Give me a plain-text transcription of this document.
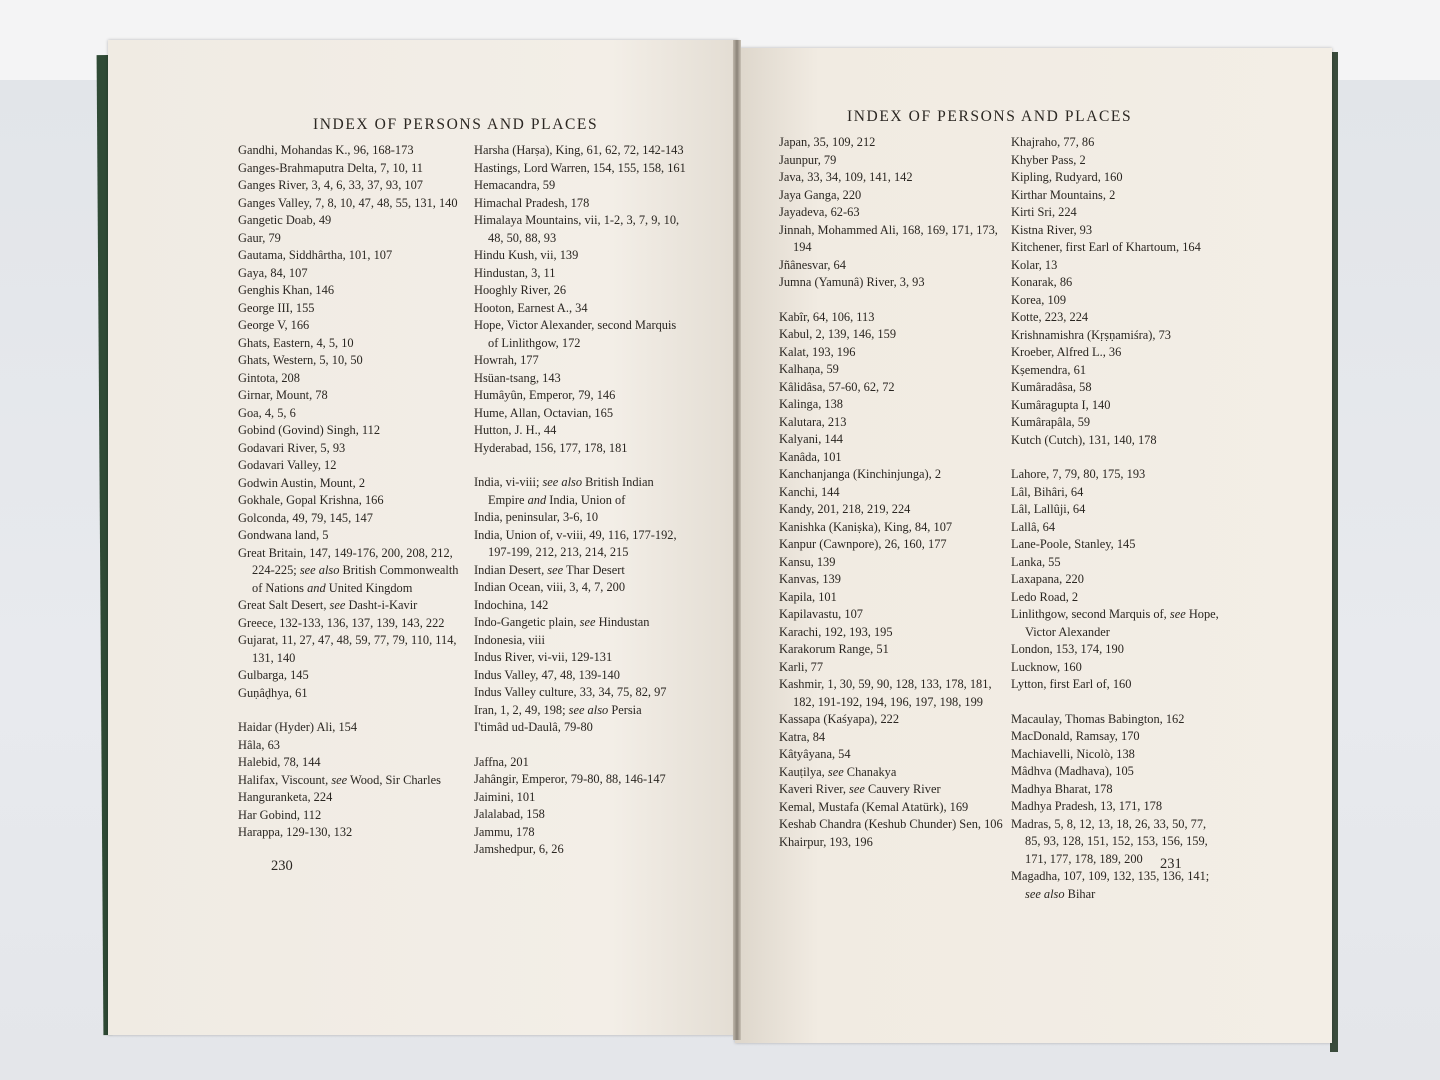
INDEX OF PERSONS AND PLACES
Gandhi, Mohandas K., 96, 168-173
Ganges-Brahmaputra Delta, 7, 10, 11
Ganges River, 3, 4, 6, 33, 37, 93, 107
Ganges Valley, 7, 8, 10, 47, 48, 55, 131, 140
Gangetic Doab, 49
Gaur, 79
Gautama, Siddhârtha, 101, 107
Gaya, 84, 107
Genghis Khan, 146
George III, 155
George V, 166
Ghats, Eastern, 4, 5, 10
Ghats, Western, 5, 10, 50
Gintota, 208
Girnar, Mount, 78
Goa, 4, 5, 6
Gobind (Govind) Singh, 112
Godavari River, 5, 93
Godavari Valley, 12
Godwin Austin, Mount, 2
Gokhale, Gopal Krishna, 166
Golconda, 49, 79, 145, 147
Gondwana land, 5
Great Britain, 147, 149-176, 200, 208, 212, 224-225; see also British Commonwealth of Nations and United Kingdom
Great Salt Desert, see Dasht-i-Kavir
Greece, 132-133, 136, 137, 139, 143, 222
Gujarat, 11, 27, 47, 48, 59, 77, 79, 110, 114, 131, 140
Gulbarga, 145
Guṇâḍhya, 61
Haidar (Hyder) Ali, 154
Hâla, 63
Halebid, 78, 144
Halifax, Viscount, see Wood, Sir Charles
Hanguranketa, 224
Har Gobind, 112
Harappa, 129-130, 132
Harsha (Harṣa), King, 61, 62, 72, 142-143
Hastings, Lord Warren, 154, 155, 158, 161
Hemacandra, 59
Himachal Pradesh, 178
Himalaya Mountains, vii, 1-2, 3, 7, 9, 10, 48, 50, 88, 93
Hindu Kush, vii, 139
Hindustan, 3, 11
Hooghly River, 26
Hooton, Earnest A., 34
Hope, Victor Alexander, second Marquis of Linlithgow, 172
Howrah, 177
Hsüan-tsang, 143
Humâyûn, Emperor, 79, 146
Hume, Allan, Octavian, 165
Hutton, J. H., 44
Hyderabad, 156, 177, 178, 181
India, vi-viii; see also British Indian Empire and India, Union of
India, peninsular, 3-6, 10
India, Union of, v-viii, 49, 116, 177-192, 197-199, 212, 213, 214, 215
Indian Desert, see Thar Desert
Indian Ocean, viii, 3, 4, 7, 200
Indochina, 142
Indo-Gangetic plain, see Hindustan
Indonesia, viii
Indus River, vi-vii, 129-131
Indus Valley, 47, 48, 139-140
Indus Valley culture, 33, 34, 75, 82, 97
Iran, 1, 2, 49, 198; see also Persia
I'timâd ud-Daulâ, 79-80
Jaffna, 201
Jahângir, Emperor, 79-80, 88, 146-147
Jaimini, 101
Jalalabad, 158
Jammu, 178
Jamshedpur, 6, 26
230
INDEX OF PERSONS AND PLACES
Japan, 35, 109, 212
Jaunpur, 79
Java, 33, 34, 109, 141, 142
Jaya Ganga, 220
Jayadeva, 62-63
Jinnah, Mohammed Ali, 168, 169, 171, 173, 194
Jñânesvar, 64
Jumna (Yamunâ) River, 3, 93
Kabîr, 64, 106, 113
Kabul, 2, 139, 146, 159
Kalat, 193, 196
Kalhaṇa, 59
Kâlidâsa, 57-60, 62, 72
Kalinga, 138
Kalutara, 213
Kalyani, 144
Kanâda, 101
Kanchanjanga (Kinchinjunga), 2
Kanchi, 144
Kandy, 201, 218, 219, 224
Kanishka (Kaniṣka), King, 84, 107
Kanpur (Cawnpore), 26, 160, 177
Kansu, 139
Kanvas, 139
Kapila, 101
Kapilavastu, 107
Karachi, 192, 193, 195
Karakorum Range, 51
Karli, 77
Kashmir, 1, 30, 59, 90, 128, 133, 178, 181, 182, 191-192, 194, 196, 197, 198, 199
Kassapa (Kaśyapa), 222
Katra, 84
Kâtyâyana, 54
Kauṭilya, see Chanakya
Kaveri River, see Cauvery River
Kemal, Mustafa (Kemal Atatürk), 169
Keshab Chandra (Keshub Chunder) Sen, 106
Khairpur, 193, 196
Khajraho, 77, 86
Khyber Pass, 2
Kipling, Rudyard, 160
Kirthar Mountains, 2
Kirti Sri, 224
Kistna River, 93
Kitchener, first Earl of Khartoum, 164
Kolar, 13
Konarak, 86
Korea, 109
Kotte, 223, 224
Krishnamishra (Kṛṣṇamiśra), 73
Kroeber, Alfred L., 36
Kṣemendra, 61
Kumâradâsa, 58
Kumâragupta I, 140
Kumârapâla, 59
Kutch (Cutch), 131, 140, 178
Lahore, 7, 79, 80, 175, 193
Lâl, Bihâri, 64
Lâl, Lallûji, 64
Lallâ, 64
Lane-Poole, Stanley, 145
Lanka, 55
Laxapana, 220
Ledo Road, 2
Linlithgow, second Marquis of, see Hope, Victor Alexander
London, 153, 174, 190
Lucknow, 160
Lytton, first Earl of, 160
Macaulay, Thomas Babington, 162
MacDonald, Ramsay, 170
Machiavelli, Nicolò, 138
Mâdhva (Madhava), 105
Madhya Bharat, 178
Madhya Pradesh, 13, 171, 178
Madras, 5, 8, 12, 13, 18, 26, 33, 50, 77, 85, 93, 128, 151, 152, 153, 156, 159, 171, 177, 178, 189, 200
Magadha, 107, 109, 132, 135, 136, 141; see also Bihar
231
